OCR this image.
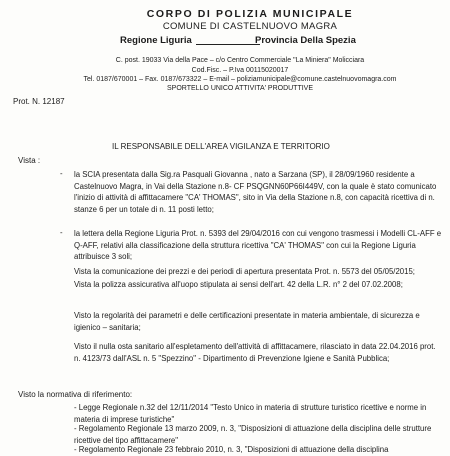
CORPO DI POLIZIA MUNICIPALE
COMUNE DI CASTELNUOVO MAGRA
Regione Liguria	Provincia Della Spezia
C. post. 19033 Via della Pace – c/o Centro Commerciale "La Miniera" Molicciara
Cod.Fisc. – P.Iva 00115020017
Tel. 0187/670001 – Fax. 0187/673322 – E-mail – poliziamunicipale@comune.castelnuovomagra.com
SPORTELLO UNICO ATTIVITA' PRODUTTIVE
Prot. N. 12187
IL RESPONSABILE DELL'AREA VIGILANZA E TERRITORIO
Vista :
- la SCIA presentata dalla Sig.ra Pasquali Giovanna , nato a Sarzana (SP), il 28/09/1960 residente a Castelnuovo Magra, in Vai della Stazione n.8- CF PSQGNN60P66I449V, con la quale è stato comunicato l'inizio di attività di affittacamere "CA' THOMAS", sito in Via della Stazione n.8, con capacità ricettiva di n. stanze 6 per un totale di n. 11 posti letto;

- la lettera della Regione Liguria Prot. n. 5393 del 29/04/2016 con cui vengono trasmessi i Modelli CL-AFF e Q-AFF, relativi alla classificazione della struttura ricettiva "CA' THOMAS" con cui la Regione Liguria attribuisce 3 soli;

Vista la comunicazione dei prezzi e dei periodi di apertura presentata Prot. n. 5573 del 05/05/2015;

Vista la polizza assicurativa all'uopo stipulata ai sensi dell'art. 42 della L.R. n° 2 del 07.02.2008;

Visto la regolarità dei parametri e delle certificazioni presentate in materia ambientale, di sicurezza e igienico – sanitaria;

Visto il nulla osta sanitario all'espletamento dell'attività di affittacamere, rilasciato in data 22.04.2016 prot. n. 4123/73 dall'ASL n. 5 "Spezzino" - Dipartimento di Prevenzione Igiene e Sanità Pubblica;

Visto la normativa di riferimento:

- Legge Regionale n.32 del 12/11/2014 "Testo Unico in materia di strutture turistico ricettive e norme in materia di imprese turistiche"

- Regolamento Regionale 13 marzo 2009, n. 3, "Disposizioni di attuazione della disciplina delle strutture ricettive del tipo affittacamere"

- Regolamento Regionale 23 febbraio 2010, n. 3, "Disposizioni di attuazione della disciplina
